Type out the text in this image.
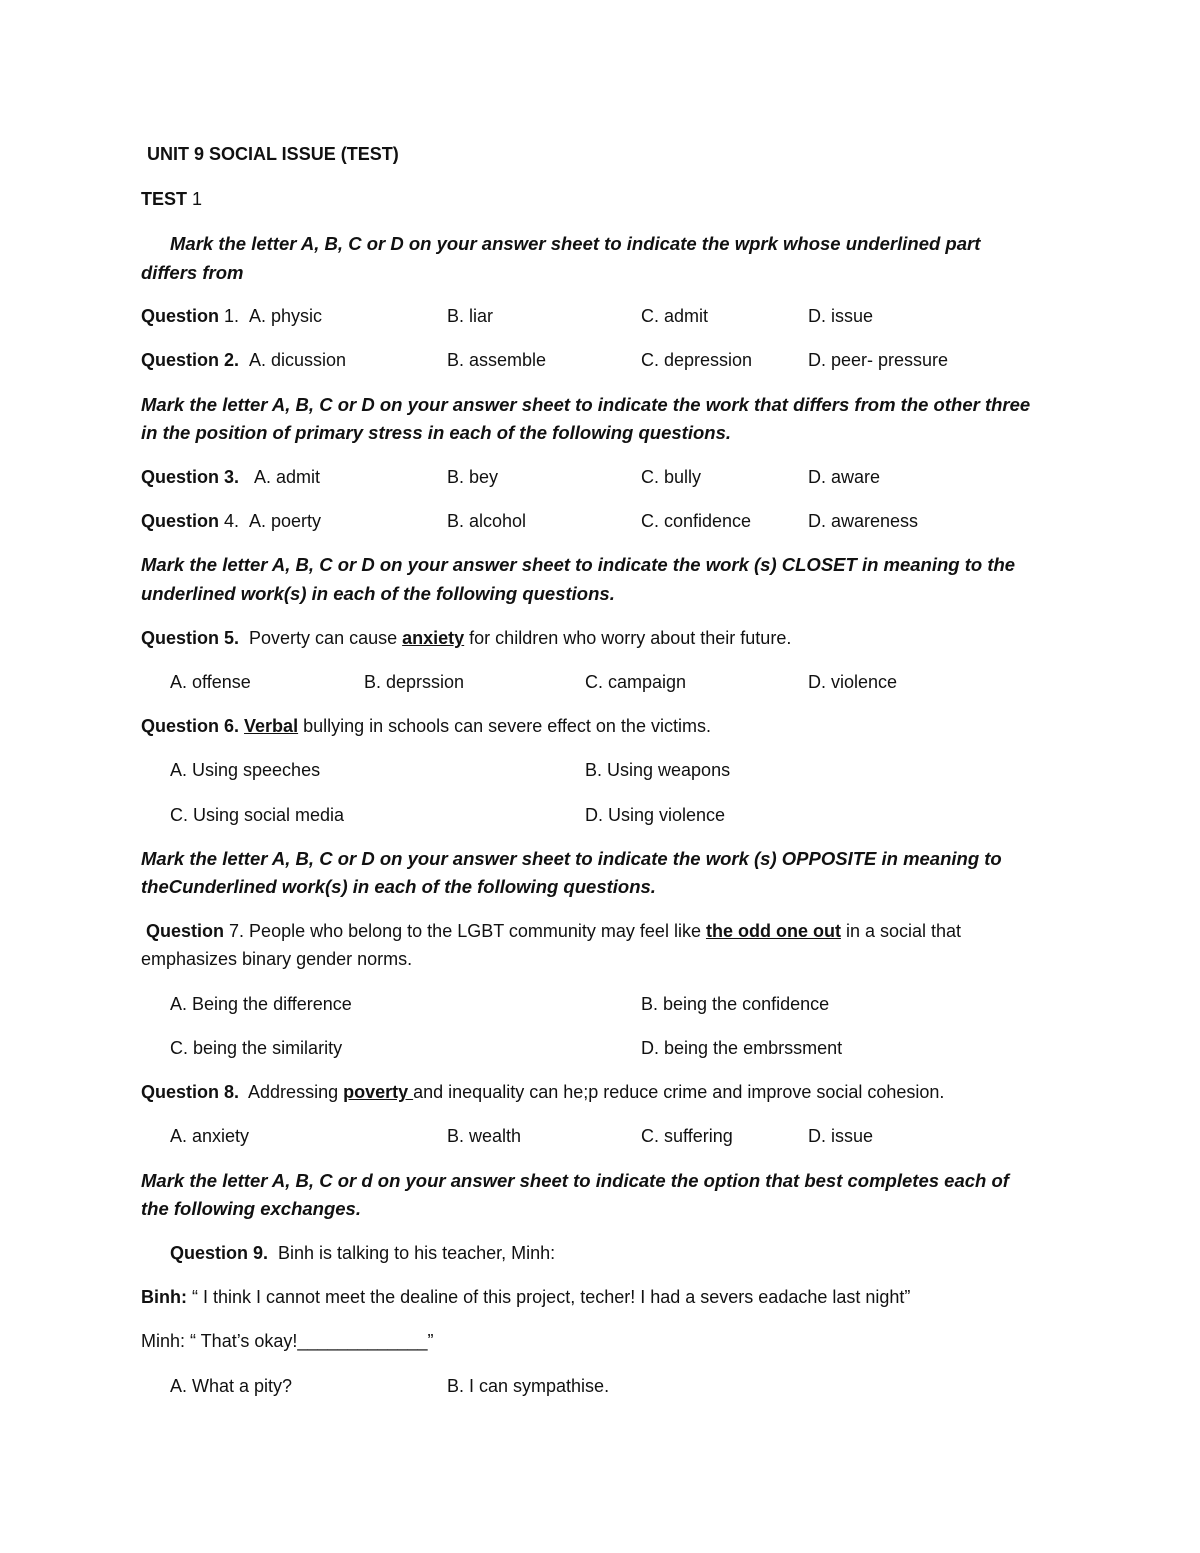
UNIT 9 SOCIAL ISSUE (TEST)
TEST 1
Mark the letter A, B, C or D on your answer sheet to indicate the wprk whose underlined part
differs from
Question 1. A. physic	B. liar	C. admit	D. issue
Question 2. A. dicussion	B. assemble	C. depression	D. peer- pressure
Mark the letter A, B, C or D on your answer sheet to indicate the work that differs from the other three
in the position of primary stress in each of the following questions.
Question 3. A. admit	B. bey	C. bully	D. aware
Question 4. A. poerty	B. alcohol	C. confidence	D. awareness
Mark the letter A, B, C or D on your answer sheet to indicate the work (s) CLOSET in meaning to the
underlined work(s) in each of the following questions.
Question 5. Poverty can cause anxiety for children who worry about their future.
A. offense	B. deprssion	C. campaign	D. violence
Question 6. Verbal bullying in schools can severe effect on the victims.
A. Using speeches	B. Using weapons
C. Using social media	D. Using violence
Mark the letter A, B, C or D on your answer sheet to indicate the work (s) OPPOSITE in meaning to
theCunderlined work(s) in each of the following questions.
Question 7. People who belong to the LGBT community may feel like the odd one out in a social that
emphasizes binary gender norms.
A. Being the difference	B. being the confidence
C. being the similarity	D. being the embrssment
Question 8. Addressing poverty and inequality can he;p reduce crime and improve social cohesion.
A. anxiety	B. wealth	C. suffering	D. issue
Mark the letter A, B, C or d on your answer sheet to indicate the option that best completes each of
the following exchanges.
Question 9. Binh is talking to his teacher, Minh:
Binh: “ I think I cannot meet the dealine of this project, techer! I had a severs eadache last night”
Minh: “ That’s okay!_____________”
A. What a pity?	B. I can sympathise.
